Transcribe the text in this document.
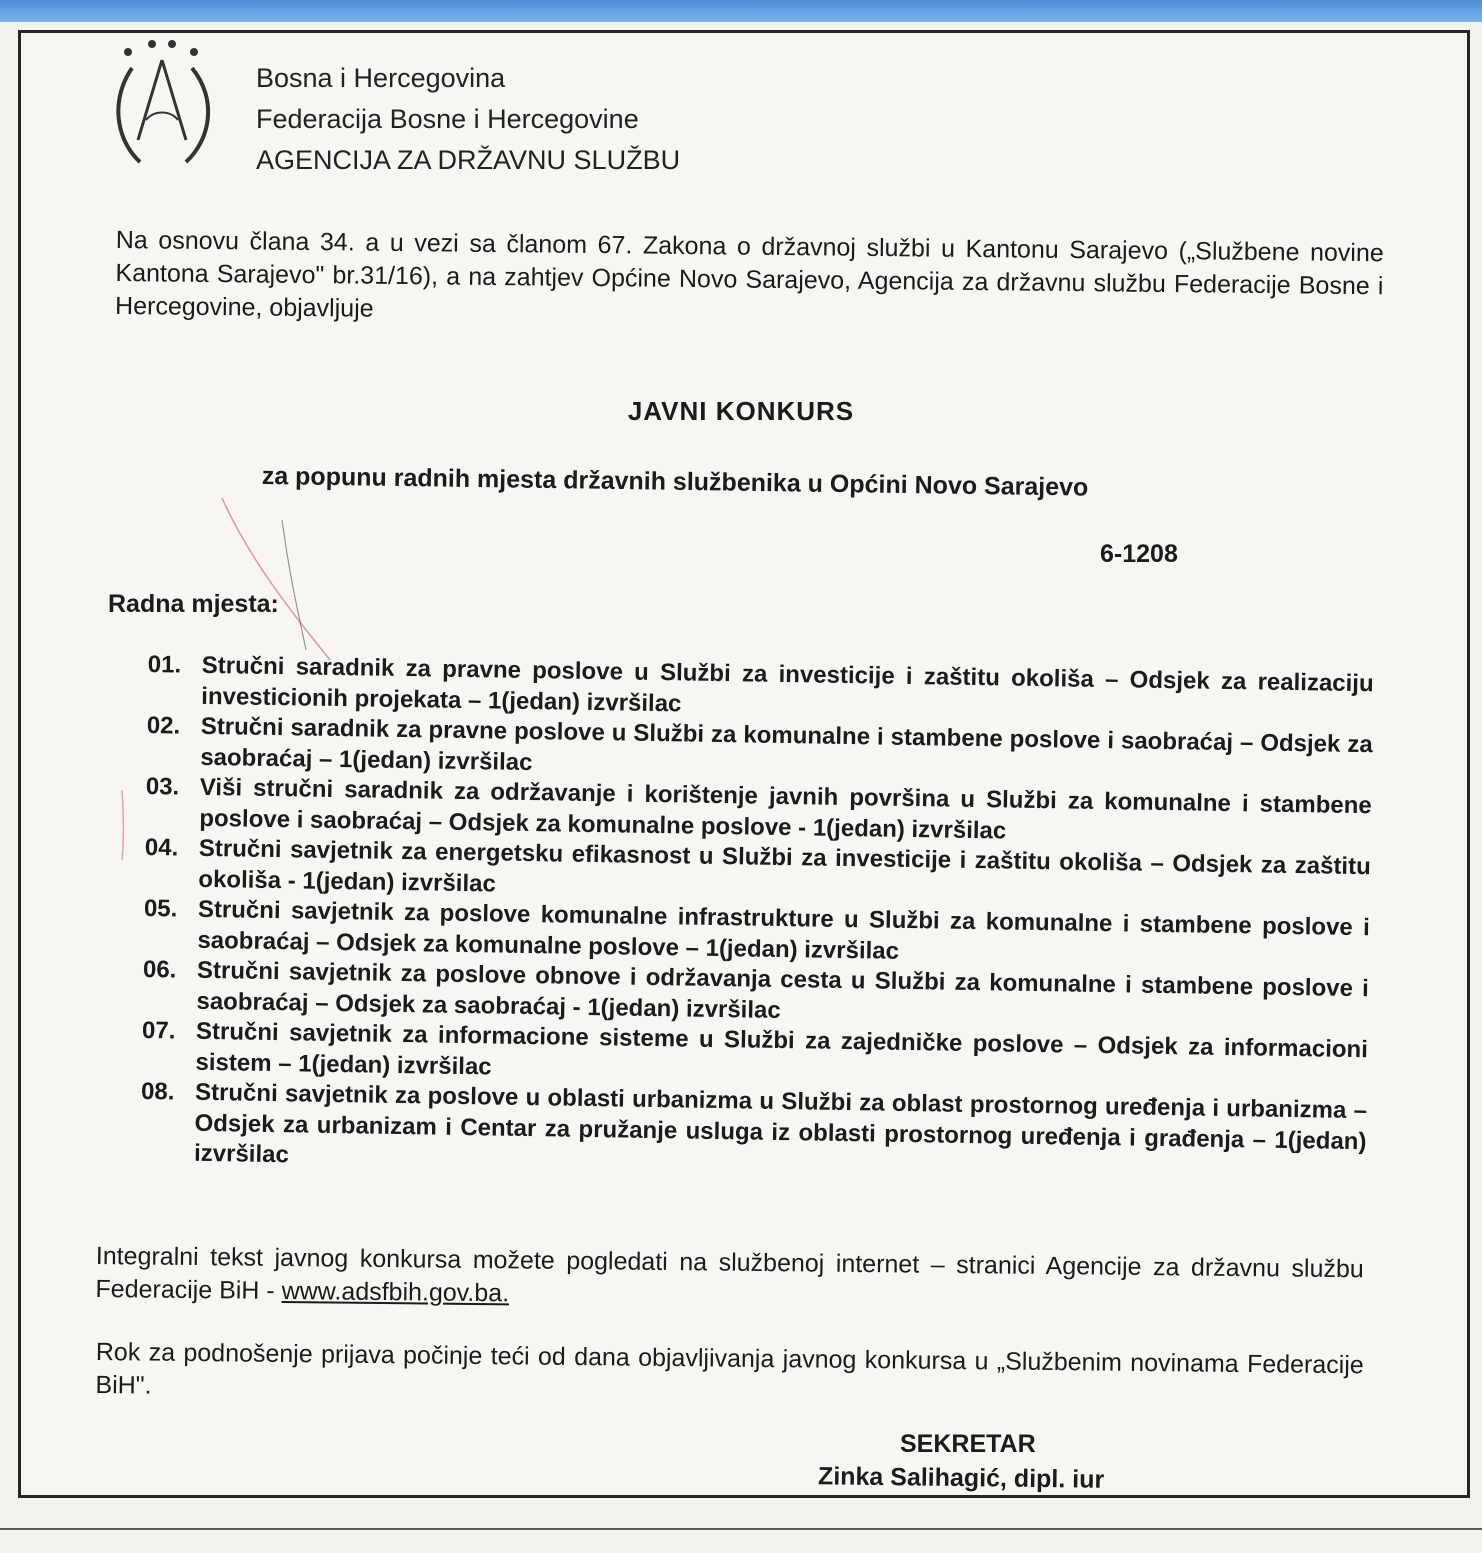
Bosna i Hercegovina
Federacija Bosne i Hercegovine
AGENCIJA ZA DRŽAVNU SLUŽBU
Na osnovu člana 34. a u vezi sa članom 67. Zakona o državnoj službi u Kantonu Sarajevo („Službene novine Kantona Sarajevo" br.31/16), a na zahtjev Općine Novo Sarajevo, Agencija za državnu službu Federacije Bosne i Hercegovine, objavljuje
JAVNI KONKURS
za popunu radnih mjesta državnih službenika u Općini Novo Sarajevo
6-1208
Radna mjesta:
01. Stručni saradnik za pravne poslove u Službi za investicije i zaštitu okoliša – Odsjek za realizaciju investicionih projekata – 1(jedan) izvršilac
02. Stručni saradnik za pravne poslove u Službi za komunalne i stambene poslove i saobraćaj – Odsjek za saobraćaj – 1(jedan) izvršilac
03. Viši stručni saradnik za održavanje i korištenje javnih površina u Službi za komunalne i stambene poslove i saobraćaj – Odsjek za komunalne poslove - 1(jedan) izvršilac
04. Stručni savjetnik za energetsku efikasnost u Službi za investicije i zaštitu okoliša – Odsjek za zaštitu okoliša - 1(jedan) izvršilac
05. Stručni savjetnik za poslove komunalne infrastrukture u Službi za komunalne i stambene poslove i saobraćaj – Odsjek za komunalne poslove – 1(jedan) izvršilac
06. Stručni savjetnik za poslove obnove i održavanja cesta u Službi za komunalne i stambene poslove i saobraćaj – Odsjek za saobraćaj - 1(jedan) izvršilac
07. Stručni savjetnik za informacione sisteme u Službi za zajedničke poslove – Odsjek za informacioni sistem – 1(jedan) izvršilac
08. Stručni savjetnik za poslove u oblasti urbanizma u Službi za oblast prostornog uređenja i urbanizma – Odsjek za urbanizam i Centar za pružanje usluga iz oblasti prostornog uređenja i građenja – 1(jedan) izvršilac
Integralni tekst javnog konkursa možete pogledati na službenoj internet – stranici Agencije za državnu službu Federacije BiH - www.adsfbih.gov.ba.
Rok za podnošenje prijava počinje teći od dana objavljivanja javnog konkursa u „Službenim novinama Federacije BiH".
SEKRETAR
Zinka Salihagić, dipl. iur
